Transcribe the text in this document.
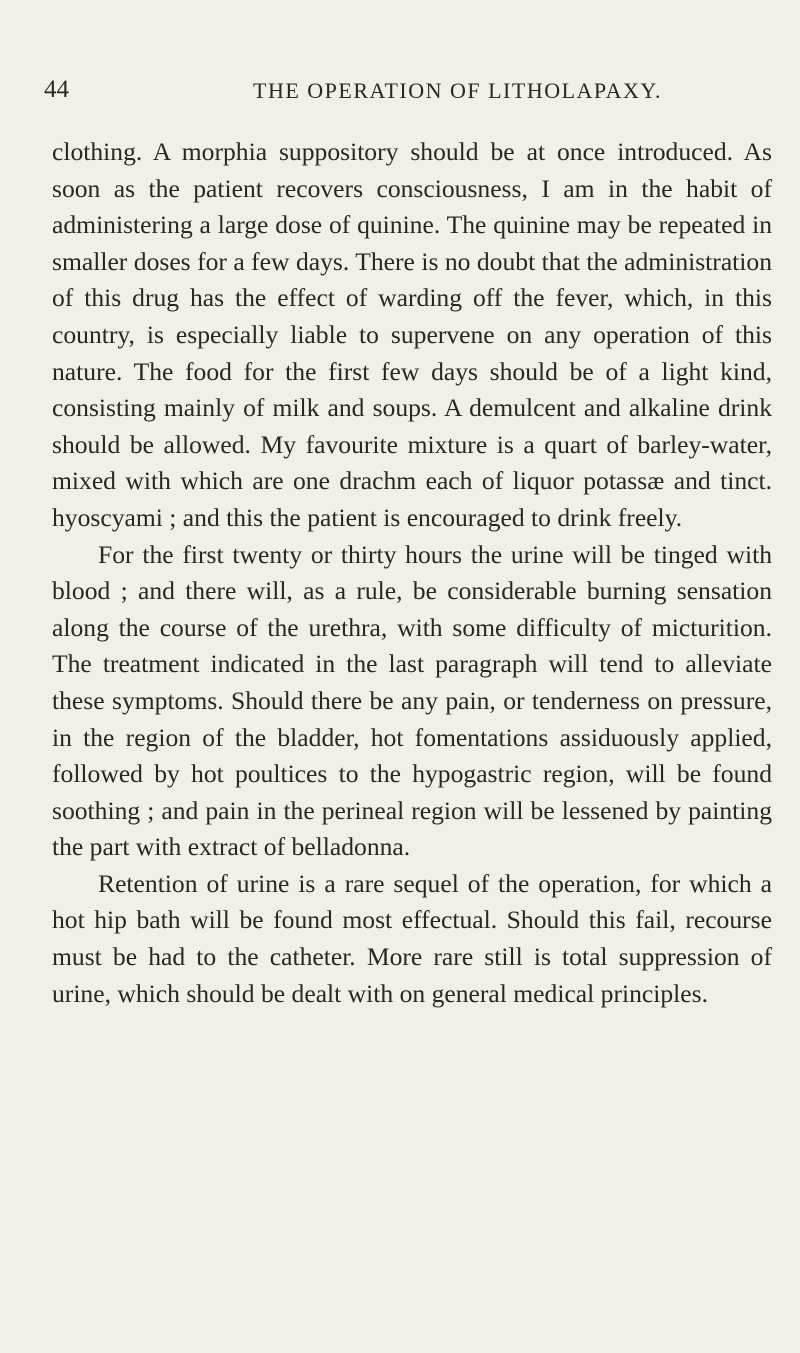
44	THE OPERATION OF LITHOLAPAXY.

clothing. A morphia suppository should be at once introduced. As soon as the patient recovers consciousness, I am in the habit of administering a large dose of quinine. The quinine may be repeated in smaller doses for a few days. There is no doubt that the administration of this drug has the effect of warding off the fever, which, in this country, is especially liable to supervene on any operation of this nature. The food for the first few days should be of a light kind, consisting mainly of milk and soups. A demulcent and alkaline drink should be allowed. My favourite mixture is a quart of barley-water, mixed with which are one drachm each of liquor potassæ and tinct. hyoscyami ; and this the patient is encouraged to drink freely.

For the first twenty or thirty hours the urine will be tinged with blood ; and there will, as a rule, be considerable burning sensation along the course of the urethra, with some difficulty of micturition. The treatment indicated in the last paragraph will tend to alleviate these symptoms. Should there be any pain, or tenderness on pressure, in the region of the bladder, hot fomentations assiduously applied, followed by hot poultices to the hypogastric region, will be found soothing ; and pain in the perineal region will be lessened by painting the part with extract of belladonna.

Retention of urine is a rare sequel of the operation, for which a hot hip bath will be found most effectual. Should this fail, recourse must be had to the catheter. More rare still is total suppression of urine, which should be dealt with on general medical principles.
